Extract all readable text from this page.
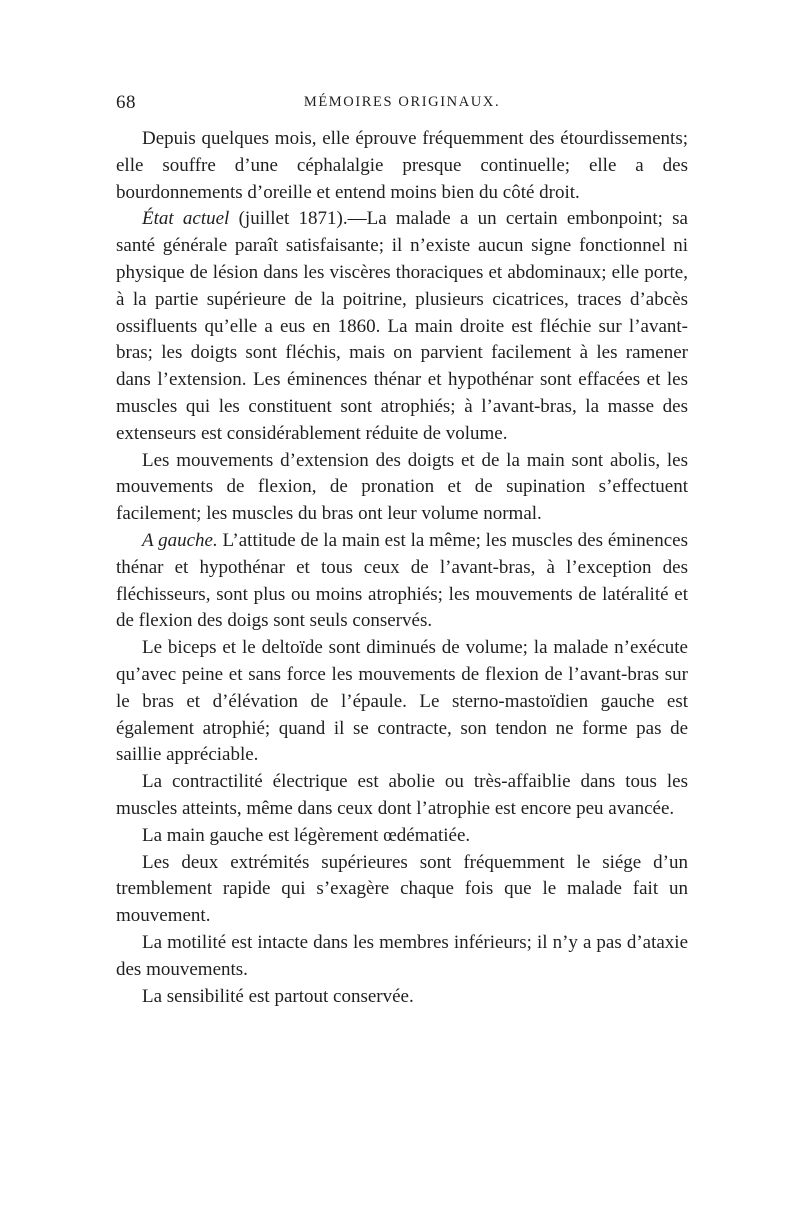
68	MÉMOIRES ORIGINAUX.

Depuis quelques mois, elle éprouve fréquemment des étourdissements; elle souffre d’une céphalalgie presque continuelle; elle a des bourdonnements d’oreille et entend moins bien du côté droit.

État actuel (juillet 1871).—La malade a un certain embonpoint; sa santé générale paraît satisfaisante; il n’existe aucun signe fonctionnel ni physique de lésion dans les viscères thoraciques et abdominaux; elle porte, à la partie supérieure de la poitrine, plusieurs cicatrices, traces d’abcès ossifluents qu’elle a eus en 1860. La main droite est fléchie sur l’avant-bras; les doigts sont fléchis, mais on parvient facilement à les ramener dans l’extension. Les éminences thénar et hypothénar sont effacées et les muscles qui les constituent sont atrophiés; à l’avant-bras, la masse des extenseurs est considérablement réduite de volume.

Les mouvements d’extension des doigts et de la main sont abolis, les mouvements de flexion, de pronation et de supination s’effectuent facilement; les muscles du bras ont leur volume normal.

A gauche. L’attitude de la main est la même; les muscles des éminences thénar et hypothénar et tous ceux de l’avant-bras, à l’exception des fléchisseurs, sont plus ou moins atrophiés; les mouvements de latéralité et de flexion des doigs sont seuls conservés.

Le biceps et le deltoïde sont diminués de volume; la malade n’exécute qu’avec peine et sans force les mouvements de flexion de l’avant-bras sur le bras et d’élévation de l’épaule. Le sterno-mastoïdien gauche est également atrophié; quand il se contracte, son tendon ne forme pas de saillie appréciable.

La contractilité électrique est abolie ou très-affaiblie dans tous les muscles atteints, même dans ceux dont l’atrophie est encore peu avancée.

La main gauche est légèrement œdématiée.

Les deux extrémités supérieures sont fréquemment le siége d’un tremblement rapide qui s’exagère chaque fois que le malade fait un mouvement.

La motilité est intacte dans les membres inférieurs; il n’y a pas d’ataxie des mouvements.

La sensibilité est partout conservée.
